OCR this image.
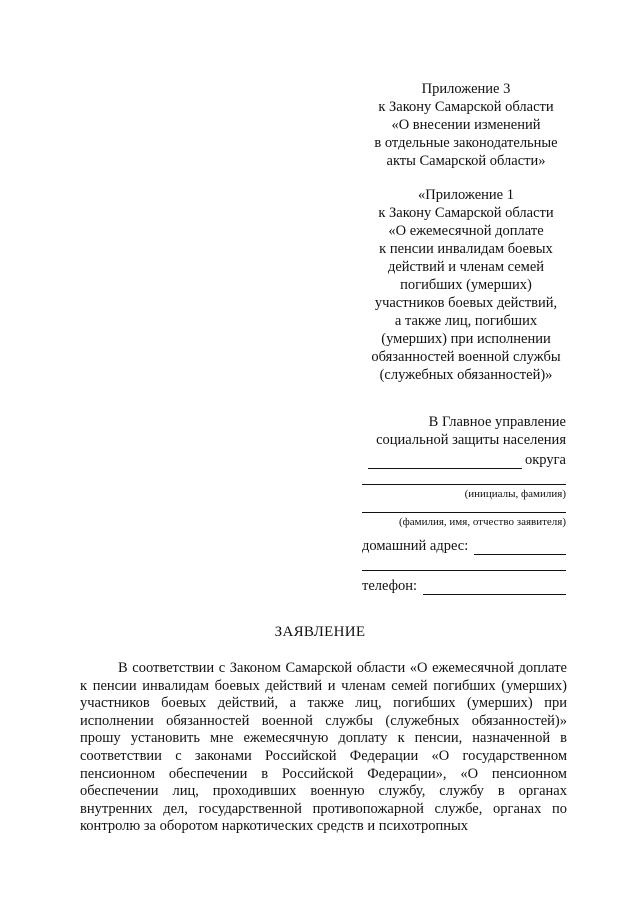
Приложение 3
к Закону Самарской области
«О внесении изменений
в отдельные законодательные
акты Самарской области»
«Приложение 1
к Закону Самарской области
«О ежемесячной доплате
к пенсии инвалидам боевых
действий и членам семей
погибших (умерших)
участников боевых действий,
а также лиц, погибших
(умерших) при исполнении
обязанностей военной службы
(служебных обязанностей)»
В Главное управление
социальной защиты населения
округа
(инициалы, фамилия)
(фамилия, имя, отчество заявителя)
домашний адрес:
телефон:
ЗАЯВЛЕНИЕ

В соответствии с Законом Самарской области «О ежемесячной доплате к пенсии инвалидам боевых действий и членам семей погибших (умерших) участников боевых действий, а также лиц, погибших (умерших) при исполнении обязанностей военной службы (служебных обязанностей)» прошу установить мне ежемесячную доплату к пенсии, назначенной в соответствии с законами Российской Федерации «О государственном пенсионном обеспечении в Российской Федерации», «О пенсионном обеспечении лиц, проходивших военную службу, службу в органах внутренних дел, государственной противопожарной службе, органах по контролю за оборотом наркотических средств и психотропных
